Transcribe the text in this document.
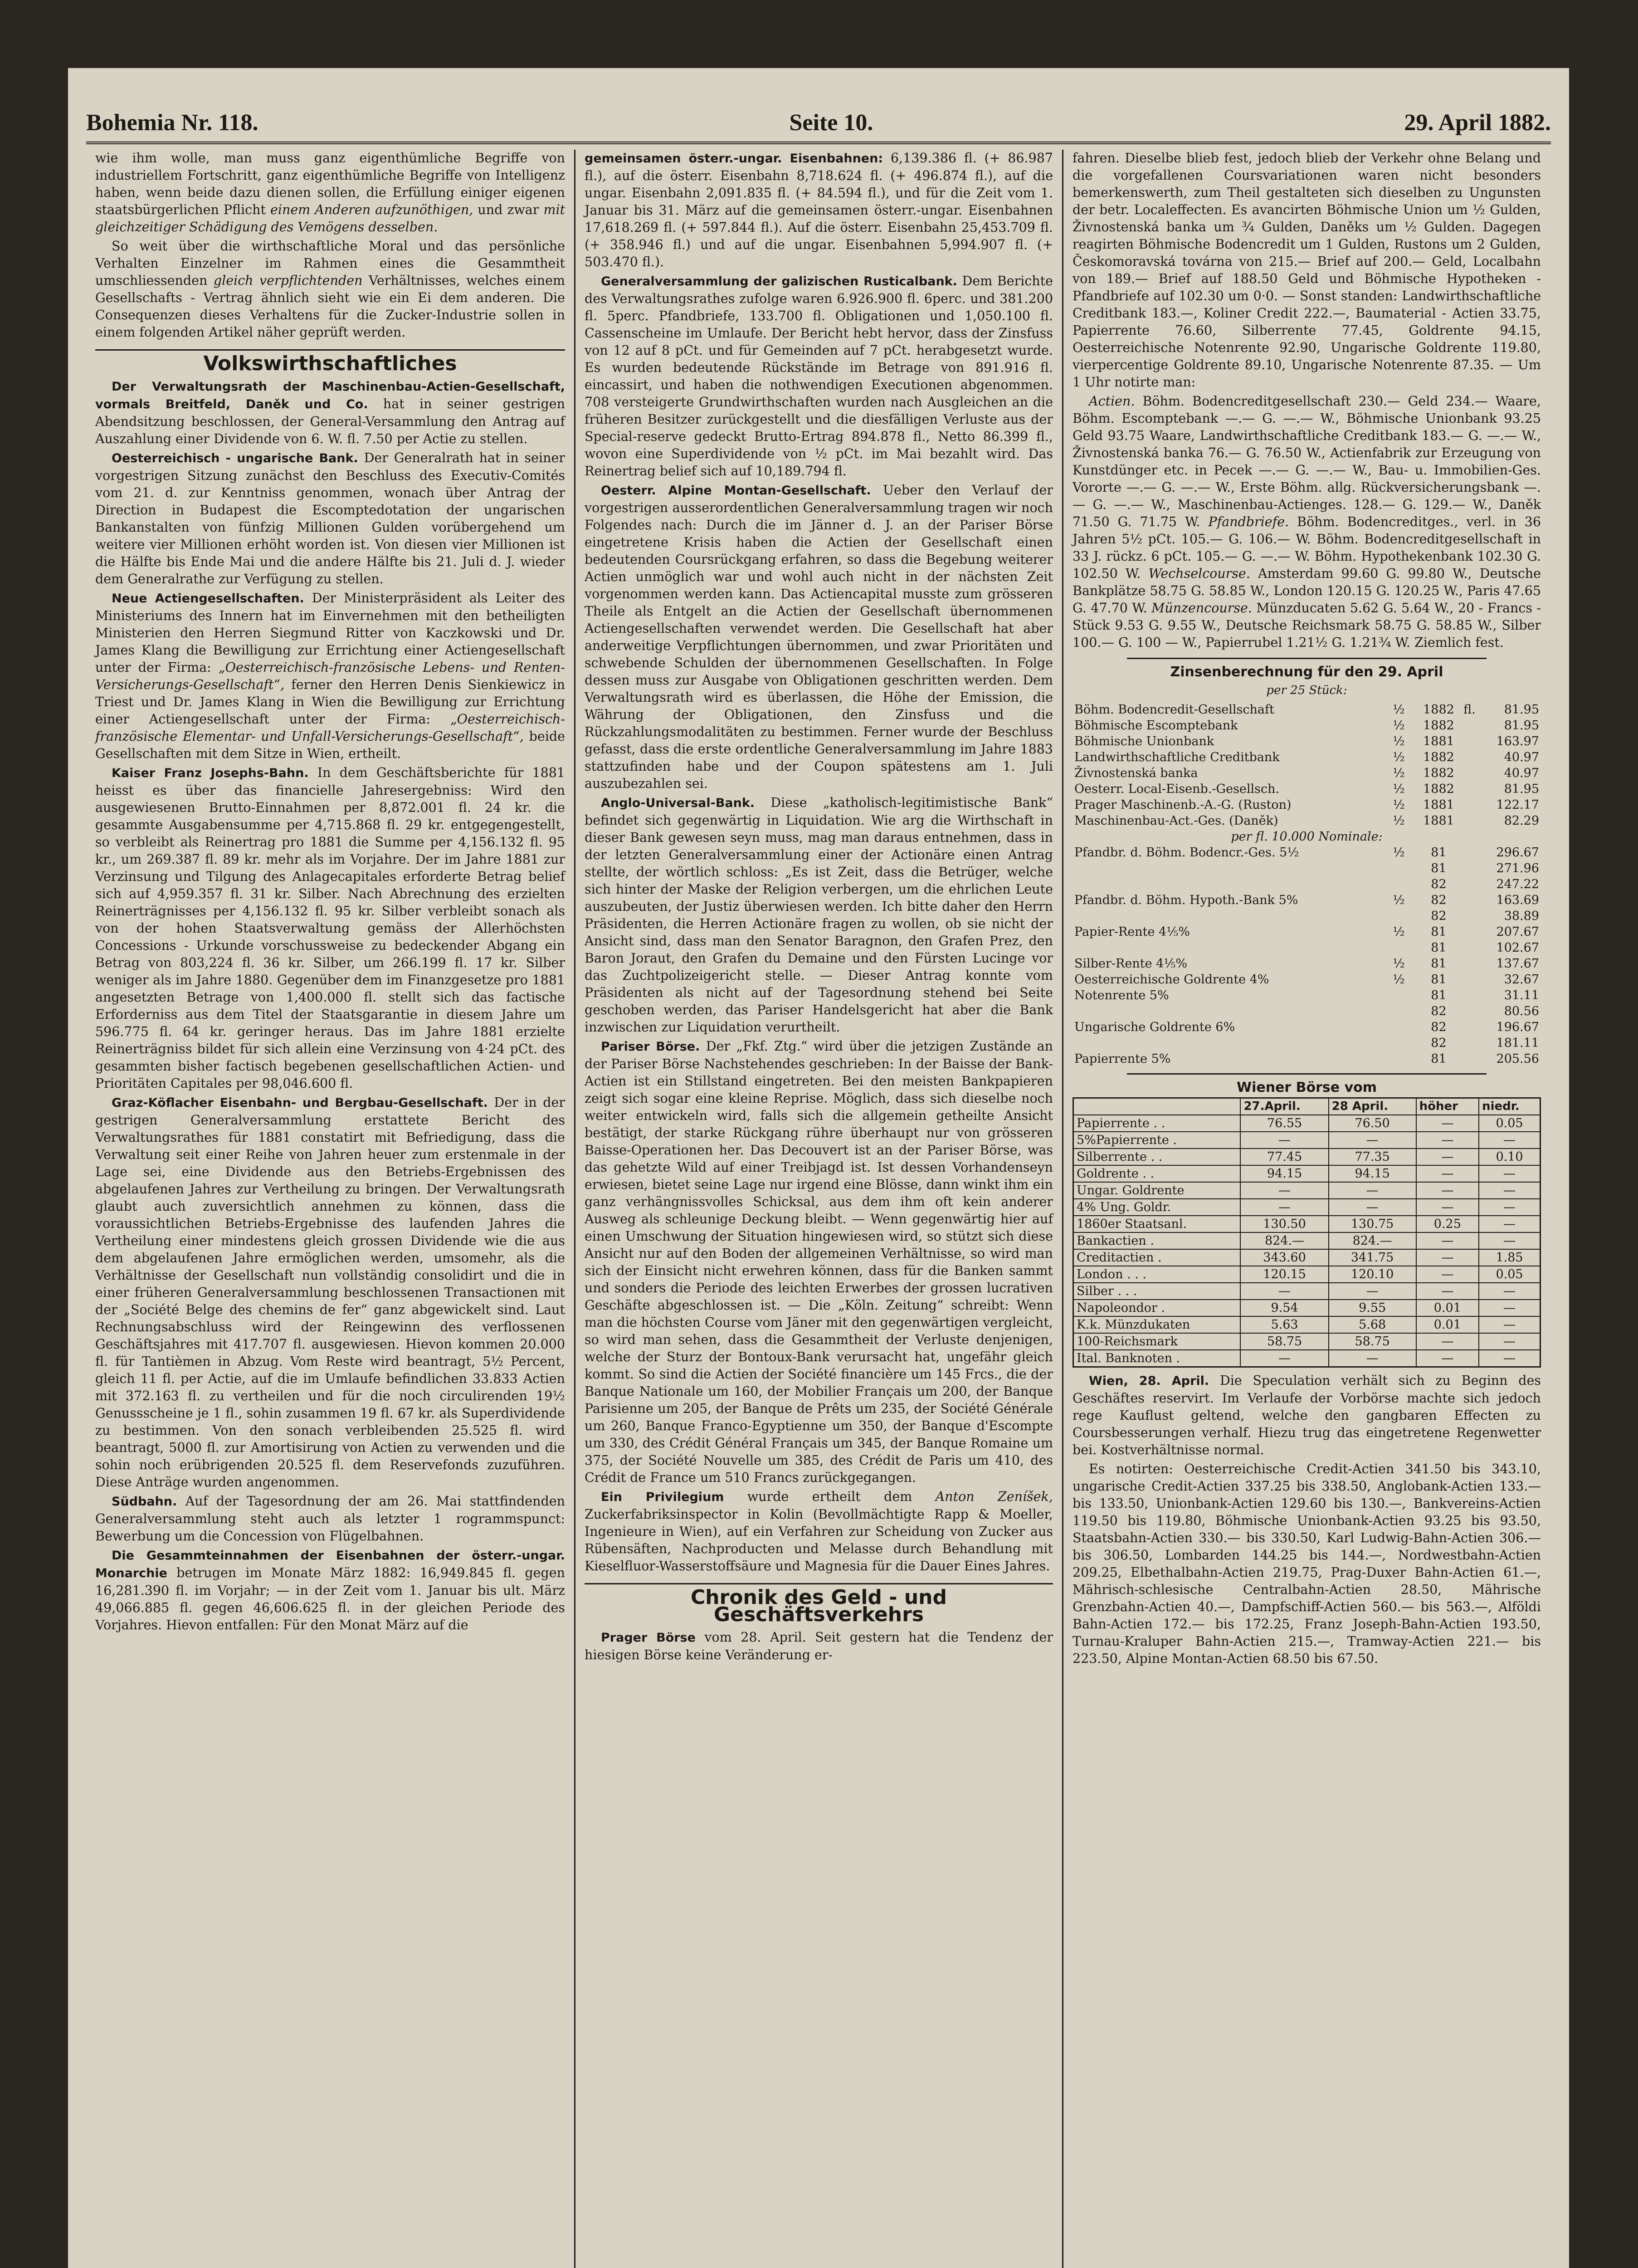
Bohemia Nr. 118.	Seite 10.	29. April 1882.

wie ihm wolle, man muss ganz eigenthümliche Begriffe von industriellem Fortschritt, ganz eigenthümliche Begriffe von Intelligenz haben, wenn beide dazu dienen sollen, die Erfüllung einiger eigenen staatsbürgerlichen Pflicht einem Anderen aufzunöthigen, und zwar mit gleichzeitiger Schädigung des Vemögens desselben.

So weit über die wirthschaftliche Moral und das persönliche Verhalten Einzelner im Rahmen eines die Gesammtheit umschliessenden gleich verpflichtenden Verhältnisses, welches einem Gesellschafts - Vertrag ähnlich sieht wie ein Ei dem anderen. Die Consequenzen dieses Verhaltens für die Zucker-Industrie sollen in einem folgenden Artikel näher geprüft werden.

Volkswirthschaftliches

Der Verwaltungsrath der Maschinenbau-Actien-Gesellschaft, vormals Breitfeld, Daněk und Co. hat in seiner gestrigen Abendsitzung beschlossen, der General-Versammlung den Antrag auf Auszahlung einer Dividende von 6. W. fl. 7.50 per Actie zu stellen.

Oesterreichisch - ungarische Bank. Der Generalrath hat in seiner vorgestrigen Sitzung zunächst den Beschluss des Executiv-Comités vom 21. d. zur Kenntniss genommen, wonach über Antrag der Direction in Budapest die Escomptedotation der ungarischen Bankanstalten von fünfzig Millionen Gulden vorübergehend um weitere vier Millionen erhöht worden ist. Von diesen vier Millionen ist die Hälfte bis Ende Mai und die andere Hälfte bis 21. Juli d. J. wieder dem Generalrathe zur Verfügung zu stellen.

Neue Actiengesellschaften. Der Ministerpräsident als Leiter des Ministeriums des Innern hat im Einvernehmen mit den betheiligten Ministerien den Herren Siegmund Ritter von Kaczkowski und Dr. James Klang die Bewilligung zur Errichtung einer Actiengesellschaft unter der Firma: „Oesterreichisch-französische Lebens- und Renten-Versicherungs-Gesellschaft“, ferner den Herren Denis Sienkiewicz in Triest und Dr. James Klang in Wien die Bewilligung zur Errichtung einer Actiengesellschaft unter der Firma: „Oesterreichisch-französische Elementar- und Unfall-Versicherungs-Gesellschaft“, beide Gesellschaften mit dem Sitze in Wien, ertheilt.

Kaiser Franz Josephs-Bahn. In dem Geschäftsberichte für 1881 heisst es über das financielle Jahresergebniss: Wird den ausgewiesenen Brutto-Einnahmen per 8,872.001 fl. 24 kr. die gesammte Ausgabensumme per 4,715.868 fl. 29 kr. entgegengestellt, so verbleibt als Reinertrag pro 1881 die Summe per 4,156.132 fl. 95 kr., um 269.387 fl. 89 kr. mehr als im Vorjahre. Der im Jahre 1881 zur Verzinsung und Tilgung des Anlagecapitales erforderte Betrag belief sich auf 4,959.357 fl. 31 kr. Silber. Nach Abrechnung des erzielten Reinerträgnisses per 4,156.132 fl. 95 kr. Silber verbleibt sonach als von der hohen Staatsverwaltung gemäss der Allerhöchsten Concessions - Urkunde vorschussweise zu bedeckender Abgang ein Betrag von 803,224 fl. 36 kr. Silber, um 266.199 fl. 17 kr. Silber weniger als im Jahre 1880. Gegenüber dem im Finanzgesetze pro 1881 angesetzten Betrage von 1,400.000 fl. stellt sich das factische Erforderniss aus dem Titel der Staatsgarantie in diesem Jahre um 596.775 fl. 64 kr. geringer heraus. Das im Jahre 1881 erzielte Reinerträgniss bildet für sich allein eine Verzinsung von 4·24 pCt. des gesammten bisher factisch begebenen gesellschaftlichen Actien- und Prioritäten Capitales per 98,046.600 fl.

Graz-Köflacher Eisenbahn- und Bergbau-Gesellschaft. Der in der gestrigen Generalversammlung erstattete Bericht des Verwaltungsrathes für 1881 constatirt mit Befriedigung, dass die Verwaltung seit einer Reihe von Jahren heuer zum erstenmale in der Lage sei, eine Dividende aus den Betriebs-Ergebnissen des abgelaufenen Jahres zur Vertheilung zu bringen. Der Verwaltungsrath glaubt auch zuversichtlich annehmen zu können, dass die voraussichtlichen Betriebs-Ergebnisse des laufenden Jahres die Vertheilung einer mindestens gleich grossen Dividende wie die aus dem abgelaufenen Jahre ermöglichen werden, umsomehr, als die Verhältnisse der Gesellschaft nun vollständig consolidirt und die in einer früheren Generalversammlung beschlossenen Transactionen mit der „Société Belge des chemins de fer“ ganz abgewickelt sind. Laut Rechnungsabschluss wird der Reingewinn des verflossenen Geschäftsjahres mit 417.707 fl. ausgewiesen. Hievon kommen 20.000 fl. für Tantièmen in Abzug. Vom Reste wird beantragt, 5½ Percent, gleich 11 fl. per Actie, auf die im Umlaufe befindlichen 33.833 Actien mit 372.163 fl. zu vertheilen und für die noch circulirenden 19½ Genussscheine je 1 fl., sohin zusammen 19 fl. 67 kr. als Superdividende zu bestimmen. Von den sonach verbleibenden 25.525 fl. wird beantragt, 5000 fl. zur Amortisirung von Actien zu verwenden und die sohin noch erübrigenden 20.525 fl. dem Reservefonds zuzuführen. Diese Anträge wurden angenommen.

Südbahn. Auf der Tagesordnung der am 26. Mai stattfindenden Generalversammlung steht auch als letzter 1 rogrammspunct: Bewerbung um die Concession von Flügelbahnen.

Die Gesammteinnahmen der Eisenbahnen der österr.-ungar. Monarchie betrugen im Monate März 1882: 16,949.845 fl. gegen 16,281.390 fl. im Vorjahr; — in der Zeit vom 1. Januar bis ult. März 49,066.885 fl. gegen 46,606.625 fl. in der gleichen Periode des Vorjahres. Hievon entfallen: Für den Monat März auf die

gemeinsamen österr.-ungar. Eisenbahnen: 6,139.386 fl. (+ 86.987 fl.), auf die österr. Eisenbahn 8,718.624 fl. (+ 496.874 fl.), auf die ungar. Eisenbahn 2,091.835 fl. (+ 84.594 fl.), und für die Zeit vom 1. Januar bis 31. März auf die gemeinsamen österr.-ungar. Eisenbahnen 17,618.269 fl. (+ 597.844 fl.). Auf die österr. Eisenbahn 25,453.709 fl. (+ 358.946 fl.) und auf die ungar. Eisenbahnen 5,994.907 fl. (+ 503.470 fl.).

Generalversammlung der galizischen Rusticalbank. Dem Berichte des Verwaltungsrathes zufolge waren 6.926.900 fl. 6perc. und 381.200 fl. 5perc. Pfandbriefe, 133.700 fl. Obligationen und 1,050.100 fl. Cassenscheine im Umlaufe. Der Bericht hebt hervor, dass der Zinsfuss von 12 auf 8 pCt. und für Gemeinden auf 7 pCt. herabgesetzt wurde. Es wurden bedeutende Rückstände im Betrage von 891.916 fl. eincassirt, und haben die nothwendigen Executionen abgenommen. 708 versteigerte Grundwirthschaften wurden nach Ausgleichen an die früheren Besitzer zurückgestellt und die diesfälligen Verluste aus der Special-reserve gedeckt Brutto-Ertrag 894.878 fl., Netto 86.399 fl., wovon eine Superdividende von ½ pCt. im Mai bezahlt wird. Das Reinertrag belief sich auf 10,189.794 fl.

Oesterr. Alpine Montan-Gesellschaft. Ueber den Verlauf der vorgestrigen ausserordentlichen Generalversammlung tragen wir noch Folgendes nach: Durch die im Jänner d. J. an der Pariser Börse eingetretene Krisis haben die Actien der Gesellschaft einen bedeutenden Coursrückgang erfahren, so dass die Begebung weiterer Actien unmöglich war und wohl auch nicht in der nächsten Zeit vorgenommen werden kann. Das Actiencapital musste zum grösseren Theile als Entgelt an die Actien der Gesellschaft übernommenen Actiengesellschaften verwendet werden. Die Gesellschaft hat aber anderweitige Verpflichtungen übernommen, und zwar Prioritäten und schwebende Schulden der übernommenen Gesellschaften. In Folge dessen muss zur Ausgabe von Obligationen geschritten werden. Dem Verwaltungsrath wird es überlassen, die Höhe der Emission, die Währung der Obligationen, den Zinsfuss und die Rückzahlungsmodalitäten zu bestimmen. Ferner wurde der Beschluss gefasst, dass die erste ordentliche Generalversammlung im Jahre 1883 stattzufinden habe und der Coupon spätestens am 1. Juli auszubezahlen sei.

Anglo-Universal-Bank. Diese „katholisch-legitimistische Bank“ befindet sich gegenwärtig in Liquidation. Wie arg die Wirthschaft in dieser Bank gewesen seyn muss, mag man daraus entnehmen, dass in der letzten Generalversammlung einer der Actionäre einen Antrag stellte, der wörtlich schloss: „Es ist Zeit, dass die Betrüger, welche sich hinter der Maske der Religion verbergen, um die ehrlichen Leute auszubeuten, der Justiz überwiesen werden. Ich bitte daher den Herrn Präsidenten, die Herren Actionäre fragen zu wollen, ob sie nicht der Ansicht sind, dass man den Senator Baragnon, den Grafen Prez, den Baron Joraut, den Grafen du Demaine und den Fürsten Lucinge vor das Zuchtpolizeigericht stelle. — Dieser Antrag konnte vom Präsidenten als nicht auf der Tagesordnung stehend bei Seite geschoben werden, das Pariser Handelsgericht hat aber die Bank inzwischen zur Liquidation verurtheilt.

Pariser Börse. Der „Fkf. Ztg.“ wird über die jetzigen Zustände an der Pariser Börse Nachstehendes geschrieben: In der Baisse der Bank-Actien ist ein Stillstand eingetreten. Bei den meisten Bankpapieren zeigt sich sogar eine kleine Reprise. Möglich, dass sich dieselbe noch weiter entwickeln wird, falls sich die allgemein getheilte Ansicht bestätigt, der starke Rückgang rühre überhaupt nur von grösseren Baisse-Operationen her. Das Decouvert ist an der Pariser Börse, was das gehetzte Wild auf einer Treibjagd ist. Ist dessen Vorhandenseyn erwiesen, bietet seine Lage nur irgend eine Blösse, dann winkt ihm ein ganz verhängnissvolles Schicksal, aus dem ihm oft kein anderer Ausweg als schleunige Deckung bleibt. — Wenn gegenwärtig hier auf einen Umschwung der Situation hingewiesen wird, so stützt sich diese Ansicht nur auf den Boden der allgemeinen Verhältnisse, so wird man sich der Einsicht nicht erwehren können, dass für die Banken sammt und sonders die Periode des leichten Erwerbes der grossen lucrativen Geschäfte abgeschlossen ist. — Die „Köln. Zeitung“ schreibt: Wenn man die höchsten Course vom Jäner mit den gegenwärtigen vergleicht, so wird man sehen, dass die Gesammtheit der Verluste denjenigen, welche der Sturz der Bontoux-Bank verursacht hat, ungefähr gleich kommt. So sind die Actien der Société financière um 145 Frcs., die der Banque Nationale um 160, der Mobilier Français um 200, der Banque Parisienne um 205, der Banque de Prêts um 235, der Société Générale um 260, Banque Franco-Egyptienne um 350, der Banque d'Escompte um 330, des Crédit Général Français um 345, der Banque Romaine um 375, der Société Nouvelle um 385, des Crédit de Paris um 410, des Crédit de France um 510 Francs zurückgegangen.

Ein Privilegium wurde ertheilt dem Anton Zeníšek, Zuckerfabriksinspector in Kolin (Bevollmächtigte Rapp & Moeller, Ingenieure in Wien), auf ein Verfahren zur Scheidung von Zucker aus Rübensäften, Nachproducten und Melasse durch Behandlung mit Kieselfluor-Wasserstoffsäure und Magnesia für die Dauer Eines Jahres.

Chronik des Geld - und Geschäftsverkehrs

Prager Börse vom 28. April. Seit gestern hat die Tendenz der hiesigen Börse keine Veränderung er-

fahren. Dieselbe blieb fest, jedoch blieb der Verkehr ohne Belang und die vorgefallenen Coursvariationen waren nicht besonders bemerkenswerth, zum Theil gestalteten sich dieselben zu Ungunsten der betr. Localeffecten. Es avancirten Böhmische Union um ½ Gulden, Živnostenská banka um ¾ Gulden, Daněks um ½ Gulden. Dagegen reagirten Böhmische Bodencredit um 1 Gulden, Rustons um 2 Gulden, Českomoravská továrna von 215.— Brief auf 200.— Geld, Localbahn von 189.— Brief auf 188.50 Geld und Böhmische Hypotheken - Pfandbriefe auf 102.30 um 0·0. — Sonst standen: Landwirthschaftliche Creditbank 183.—, Koliner Credit 222.—, Baumaterial - Actien 33.75, Papierrente 76.60, Silberrente 77.45, Goldrente 94.15, Oesterreichische Notenrente 92.90, Ungarische Goldrente 119.80, vierpercentige Goldrente 89.10, Ungarische Notenrente 87.35. — Um 1 Uhr notirte man:

Actien. Böhm. Bodencreditgesellschaft 230.— Geld 234.— Waare, Böhm. Escomptebank —.— G. —.— W., Böhmische Unionbank 93.25 Geld 93.75 Waare, Landwirthschaftliche Creditbank 183.— G. —.— W., Živnostenská banka 76.— G. 76.50 W., Actienfabrik zur Erzeugung von Kunstdünger etc. in Pecek —.— G. —.— W., Bau- u. Immobilien-Ges. Vororte —.— G. —.— W., Erste Böhm. allg. Rückversicherungsbank —.— G. —.— W., Maschinenbau-Actienges. 128.— G. 129.— W., Daněk 71.50 G. 71.75 W. Pfandbriefe. Böhm. Bodencreditges., verl. in 36 Jahren 5½ pCt. 105.— G. 106.— W. Böhm. Bodencreditgesellschaft in 33 J. rückz. 6 pCt. 105.— G. —.— W. Böhm. Hypothekenbank 102.30 G. 102.50 W. Wechselcourse. Amsterdam 99.60 G. 99.80 W., Deutsche Bankplätze 58.75 G. 58.85 W., London 120.15 G. 120.25 W., Paris 47.65 G. 47.70 W. Münzencourse. Münzducaten 5.62 G. 5.64 W., 20 - Francs - Stück 9.53 G. 9.55 W., Deutsche Reichsmark 58.75 G. 58.85 W., Silber 100.— G. 100 — W., Papierrubel 1.21½ G. 1.21¾ W. Ziemlich fest.

Zinsenberechnung für den 29. April
per 25 Stück:
Böhm. Bodencredit-Gesellschaft	½	1882	fl.	81.95
Böhmische Escomptebank	½	1882		81.95
Böhmische Unionbank	½	1881		163.97
Landwirthschaftliche Creditbank	½	1882		40.97
Živnostenská banka	½	1882		40.97
Oesterr. Local-Eisenb.-Gesellsch.	½	1882		81.95
Prager Maschinenb.-A.-G. (Ruston)	½	1881		122.17
Maschinenbau-Act.-Ges. (Daněk)	½	1881		82.29
per fl. 10.000 Nominale:				
Pfandbr. d. Böhm. Bodencr.-Ges. 5½	½	81		296.67
		81		271.96
		82		247.22
Pfandbr. d. Böhm. Hypoth.-Bank 5%	½	82		163.69
		82		38.89
Papier-Rente 4⅕%	½	81		207.67
		81		102.67
Silber-Rente 4⅕%	½	81		137.67
Oesterreichische Goldrente 4%	½	81		32.67
Notenrente 5%		81		31.11
		82		80.56
Ungarische Goldrente 6%		82		196.67
		82		181.11
Papierrente 5%		81		205.56
Wiener Börse vom
	27.April.	28 April.	höher	niedr.
Papierrente . .	76.55	76.50	—	0.05
5%Papierrente .	—	—	—	—
Silberrente . .	77.45	77.35	—	0.10
Goldrente . .	94.15	94.15	—	—
Ungar. Goldrente	—	—	—	—
4% Ung. Goldr.	—	—	—	—
1860er Staatsanl.	130.50	130.75	0.25	—
Bankactien .	824.—	824.—	—	—
Creditactien .	343.60	341.75	—	1.85
London . . .	120.15	120.10	—	0.05
Silber . . .	—	—	—	—
Napoleondor .	9.54	9.55	0.01	—
K.k. Münzdukaten	5.63	5.68	0.01	—
100-Reichsmark	58.75	58.75	—	—
Ital. Banknoten .	—	—	—	—

Wien, 28. April. Die Speculation verhält sich zu Beginn des Geschäftes reservirt. Im Verlaufe der Vorbörse machte sich jedoch rege Kauflust geltend, welche den gangbaren Effecten zu Coursbesserungen verhalf. Hiezu trug das eingetretene Regenwetter bei. Kostverhältnisse normal.

Es notirten: Oesterreichische Credit-Actien 341.50 bis 343.10, ungarische Credit-Actien 337.25 bis 338.50, Anglobank-Actien 133.— bis 133.50, Unionbank-Actien 129.60 bis 130.—, Bankvereins-Actien 119.50 bis 119.80, Böhmische Unionbank-Actien 93.25 bis 93.50, Staatsbahn-Actien 330.— bis 330.50, Karl Ludwig-Bahn-Actien 306.— bis 306.50, Lombarden 144.25 bis 144.—, Nordwestbahn-Actien 209.25, Elbethalbahn-Actien 219.75, Prag-Duxer Bahn-Actien 61.—, Mährisch-schlesische Centralbahn-Actien 28.50, Mährische Grenzbahn-Actien 40.—, Dampfschiff-Actien 560.— bis 563.—, Alföldi Bahn-Actien 172.— bis 172.25, Franz Joseph-Bahn-Actien 193.50, Turnau-Kraluper Bahn-Actien 215.—, Tramway-Actien 221.— bis 223.50, Alpine Montan-Actien 68.50 bis 67.50.
